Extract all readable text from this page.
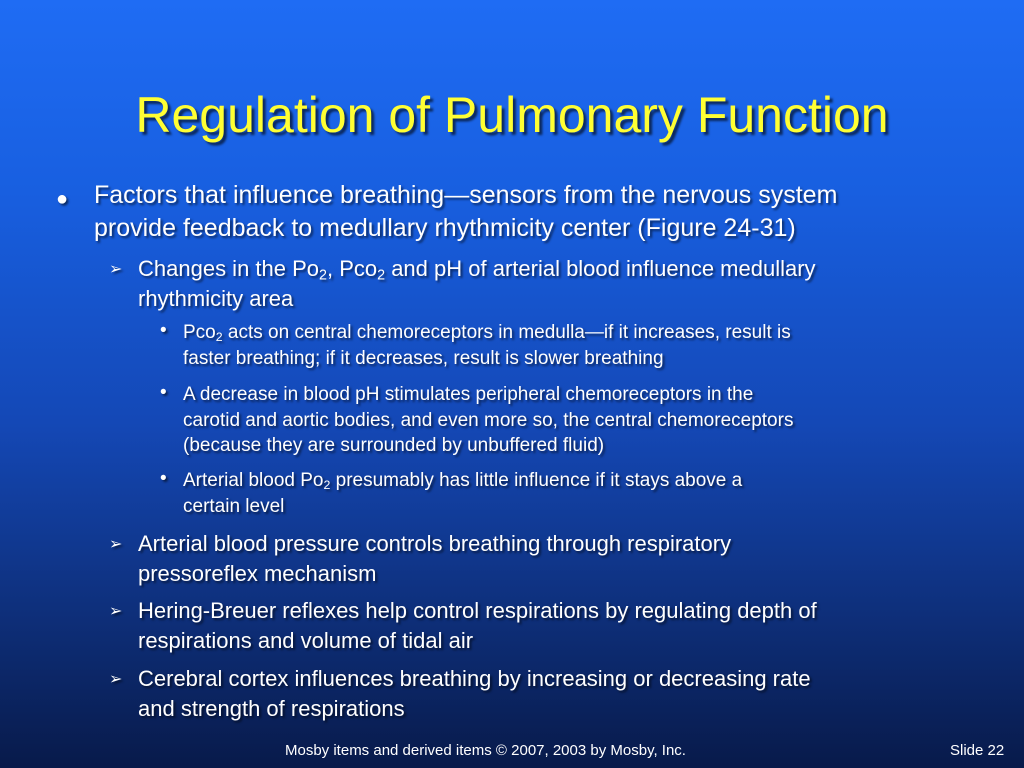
Regulation of Pulmonary Function
● Factors that influence breathing—sensors from the nervous system
provide feedback to medullary rhythmicity center (Figure 24-31)
➢ Changes in the $Po_2$, Pco$_2$ and pH of arterial blood influence medullary
rhythmicity area
• Pco$_2$ acts on central chemoreceptors in medulla—if it increases, result is
faster breathing; if it decreases, result is slower breathing
• A decrease in blood pH stimulates peripheral chemoreceptors in the
carotid and aortic bodies, and even more so, the central chemoreceptors
(because they are surrounded by unbuffered fluid)
• Arterial blood $Po_2$ presumably has little influence if it stays above a
certain level
➢ Arterial blood pressure controls breathing through respiratory
pressoreflex mechanism
➢ Hering-Breuer reflexes help control respirations by regulating depth of
respirations and volume of tidal air
➢ Cerebral cortex influences breathing by increasing or decreasing rate
and strength of respirations
Mosby items and derived items © 2007, 2003 by Mosby, Inc.	Slide 22
